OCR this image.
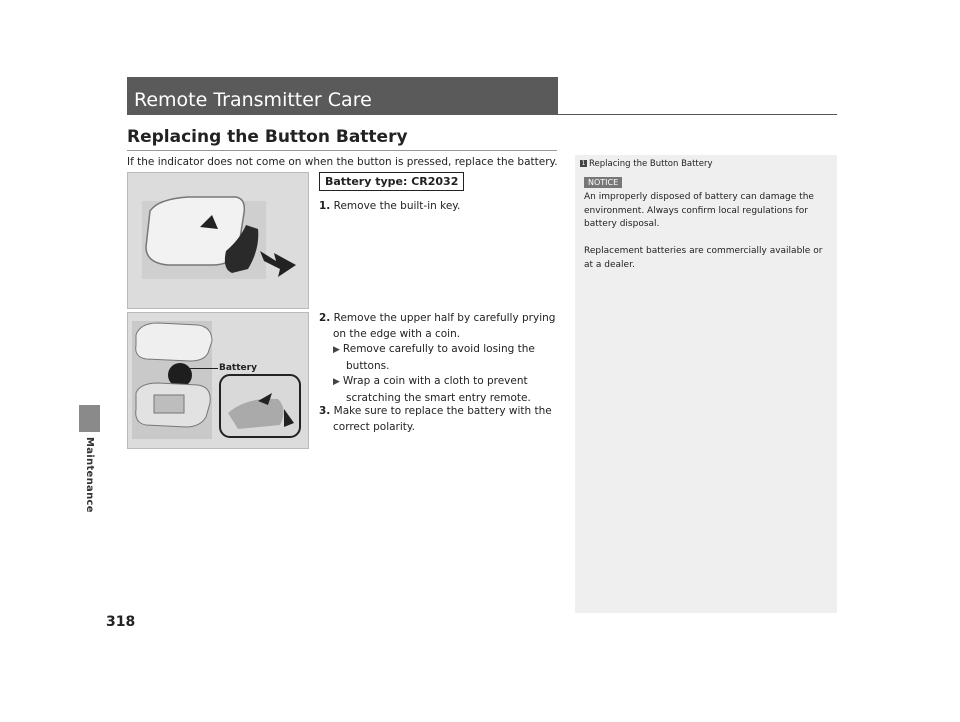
Maintenance
318
Remote Transmitter Care
Replacing the Button Battery
If the indicator does not come on when the button is pressed, replace the battery.
Battery
Battery type: CR2032
1. Remove the built-in key.
2. Remove the upper half by carefully prying
on the edge with a coin.
▶ Remove carefully to avoid losing the
buttons.
▶ Wrap a coin with a cloth to prevent
scratching the smart entry remote.
3. Make sure to replace the battery with the
correct polarity.
1 Replacing the Button Battery
NOTICE
An improperly disposed of battery can damage the
environment. Always confirm local regulations for
battery disposal.
Replacement batteries are commercially available or
at a dealer.
